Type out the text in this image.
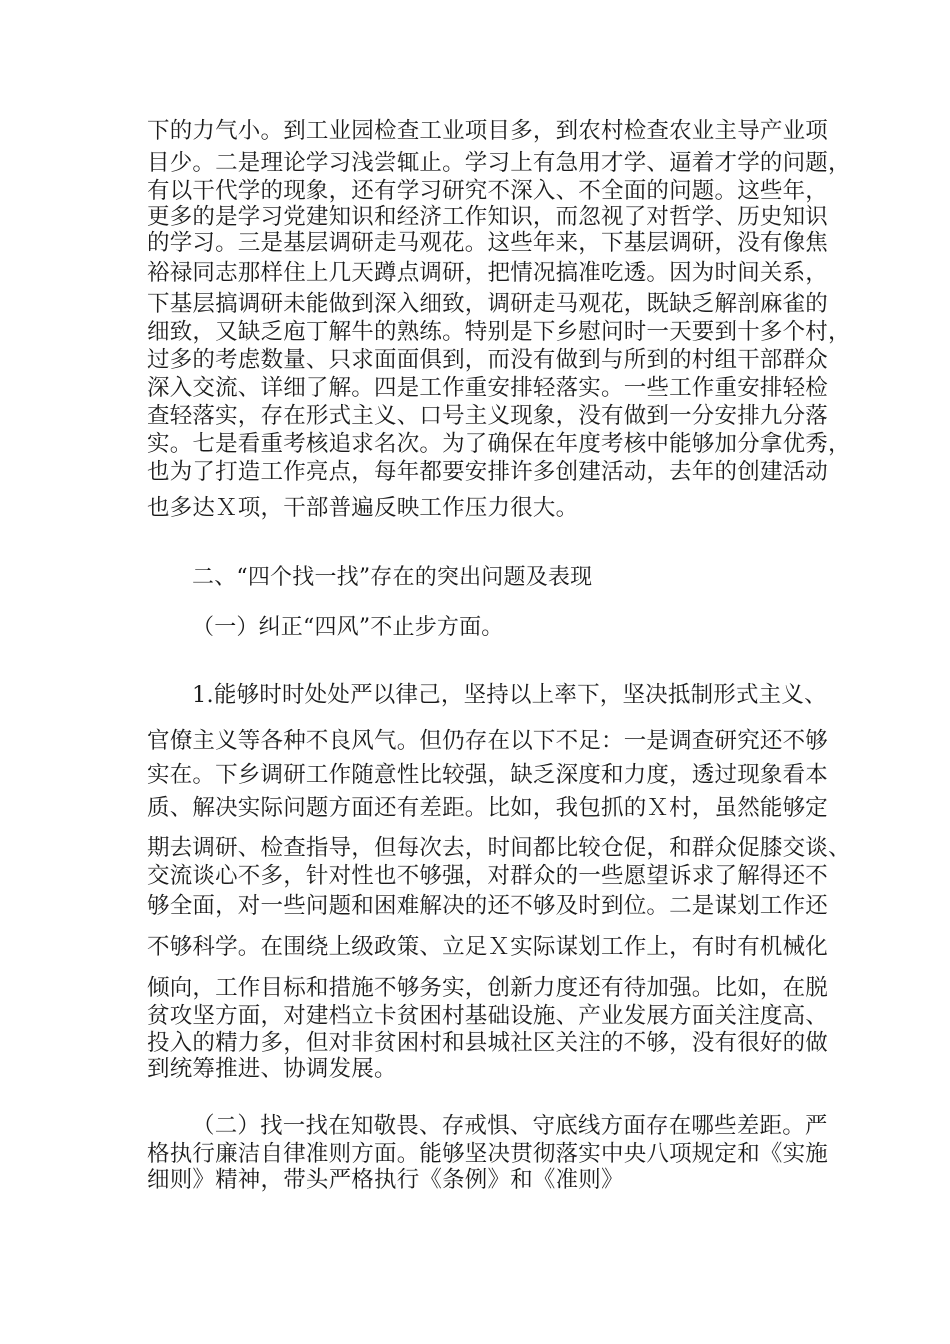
下的力气小。到工业园检查工业项目多，到农村检查农业主导产业项

目少。二是理论学习浅尝辄止。学习上有急用才学、逼着才学的问题，

有以干代学的现象，还有学习研究不深入、不全面的问题。这些年，

更多的是学习党建知识和经济工作知识，而忽视了对哲学、历史知识

的学习。三是基层调研走马观花。这些年来，下基层调研，没有像焦

裕禄同志那样住上几天蹲点调研，把情况搞准吃透。因为时间关系，

下基层搞调研未能做到深入细致，调研走马观花，既缺乏解剖麻雀的

细致，又缺乏庖丁解牛的熟练。特别是下乡慰问时一天要到十多个村，

过多的考虑数量、只求面面俱到，而没有做到与所到的村组干部群众

深入交流、详细了解。四是工作重安排轻落实。一些工作重安排轻检

查轻落实，存在形式主义、口号主义现象，没有做到一分安排九分落

实。七是看重考核追求名次。为了确保在年度考核中能够加分拿优秀，

也为了打造工作亮点，每年都要安排许多创建活动，去年的创建活动

也多达Ｘ项，干部普遍反映工作压力很大。

二、“四个找一找”存在的突出问题及表现

（一）纠正“四风”不止步方面。

1.能够时时处处严以律己，坚持以上率下，坚决抵制形式主义、

官僚主义等各种不良风气。但仍存在以下不足：一是调查研究还不够

实在。下乡调研工作随意性比较强，缺乏深度和力度，透过现象看本

质、解决实际问题方面还有差距。比如，我包抓的Ｘ村，虽然能够定

期去调研、检查指导，但每次去，时间都比较仓促，和群众促膝交谈、

交流谈心不多，针对性也不够强，对群众的一些愿望诉求了解得还不

够全面，对一些问题和困难解决的还不够及时到位。二是谋划工作还

不够科学。在围绕上级政策、立足Ｘ实际谋划工作上，有时有机械化

倾向，工作目标和措施不够务实，创新力度还有待加强。比如，在脱

贫攻坚方面，对建档立卡贫困村基础设施、产业发展方面关注度高、

投入的精力多，但对非贫困村和县城社区关注的不够，没有很好的做

到统筹推进、协调发展。

（二）找一找在知敬畏、存戒惧、守底线方面存在哪些差距。严

格执行廉洁自律准则方面。能够坚决贯彻落实中央八项规定和《实施

细则》精神，带头严格执行《条例》和《准则》
